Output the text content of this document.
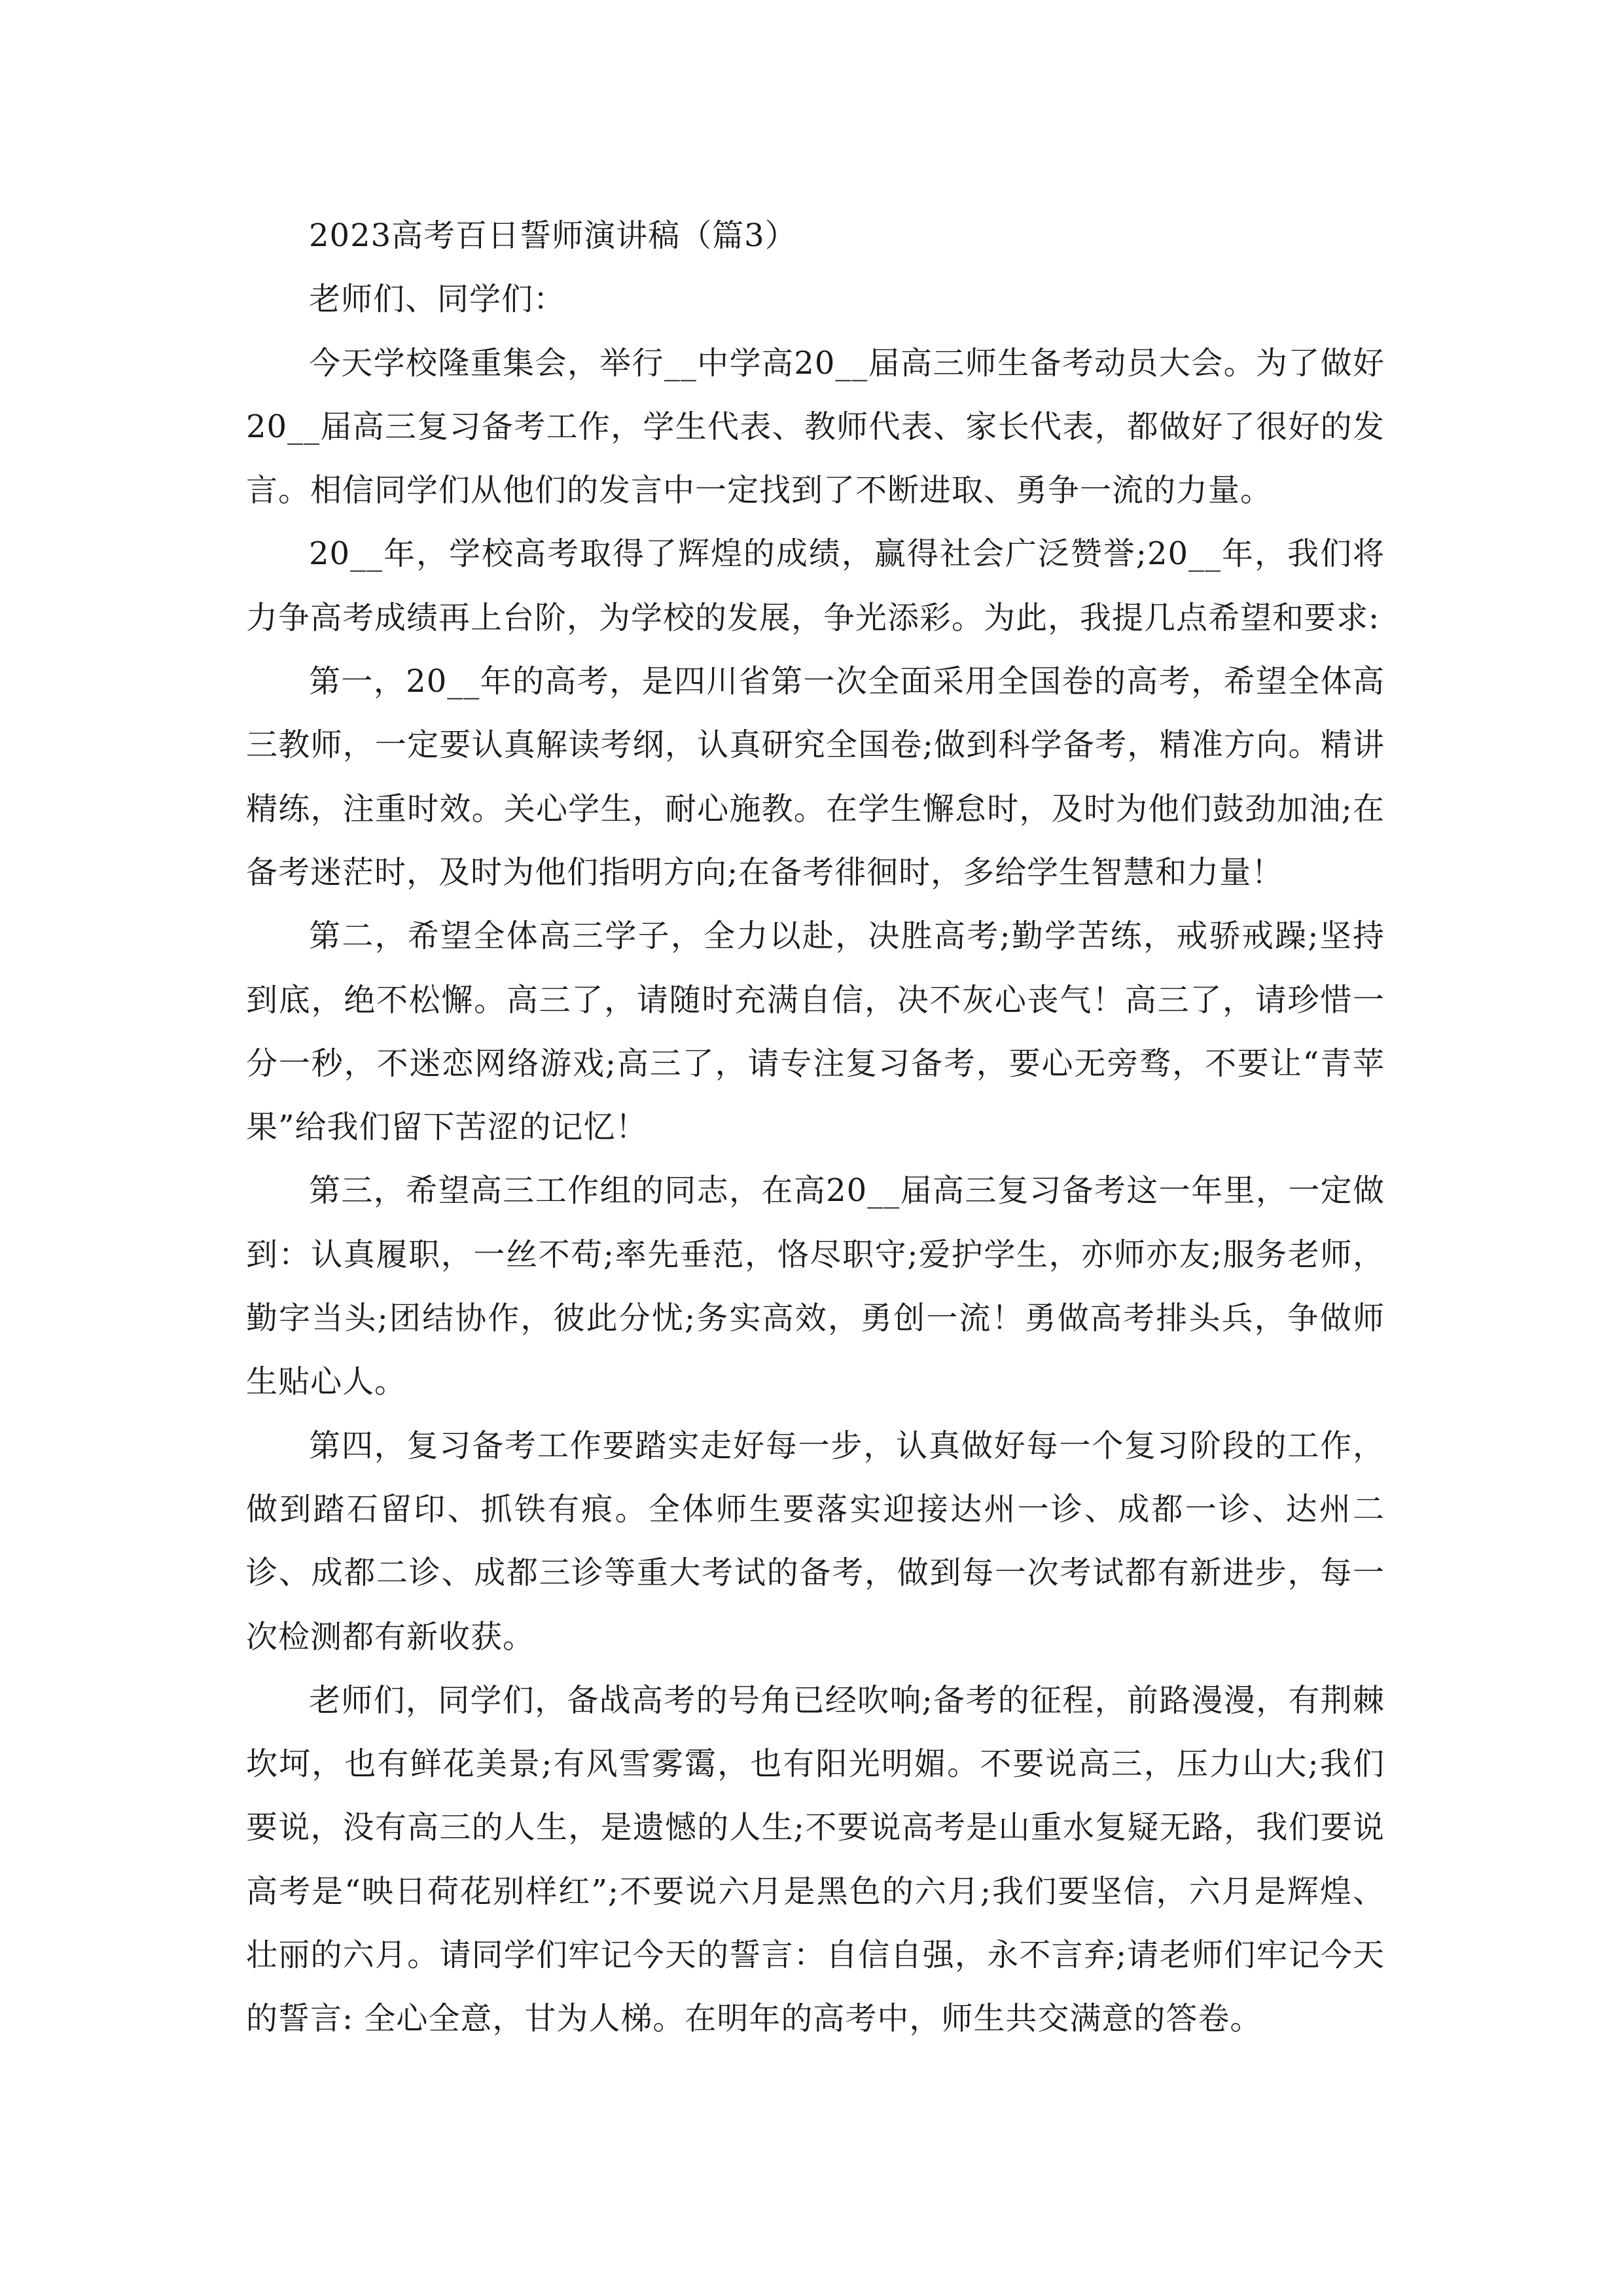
2023高考百日誓师演讲稿（篇3）

老师们、同学们：

今天学校隆重集会，举行__中学高20__届高三师生备考动员大会。为了做好20__届高三复习备考工作，学生代表、教师代表、家长代表，都做好了很好的发言。相信同学们从他们的发言中一定找到了不断进取、勇争一流的力量。

20__年，学校高考取得了辉煌的成绩，赢得社会广泛赞誉;20__年，我们将力争高考成绩再上台阶，为学校的发展，争光添彩。为此，我提几点希望和要求:

第一，20__年的高考，是四川省第一次全面采用全国卷的高考，希望全体高三教师，一定要认真解读考纲，认真研究全国卷;做到科学备考，精准方向。精讲精练，注重时效。关心学生，耐心施教。在学生懈怠时，及时为他们鼓劲加油;在备考迷茫时，及时为他们指明方向;在备考徘徊时，多给学生智慧和力量！

第二，希望全体高三学子，全力以赴，决胜高考;勤学苦练，戒骄戒躁;坚持到底，绝不松懈。高三了，请随时充满自信，决不灰心丧气！高三了，请珍惜一分一秒，不迷恋网络游戏;高三了，请专注复习备考，要心无旁骛，不要让“青苹果”给我们留下苦涩的记忆！

第三，希望高三工作组的同志，在高20__届高三复习备考这一年里，一定做到：认真履职，一丝不苟;率先垂范，恪尽职守;爱护学生，亦师亦友;服务老师，勤字当头;团结协作，彼此分忧;务实高效，勇创一流！勇做高考排头兵，争做师生贴心人。

第四，复习备考工作要踏实走好每一步，认真做好每一个复习阶段的工作，做到踏石留印、抓铁有痕。全体师生要落实迎接达州一诊、成都一诊、达州二诊、成都二诊、成都三诊等重大考试的备考，做到每一次考试都有新进步，每一次检测都有新收获。

老师们，同学们，备战高考的号角已经吹响;备考的征程，前路漫漫，有荆棘坎坷，也有鲜花美景;有风雪雾霭，也有阳光明媚。不要说高三，压力山大;我们要说，没有高三的人生，是遗憾的人生;不要说高考是山重水复疑无路，我们要说高考是“映日荷花别样红”;不要说六月是黑色的六月;我们要坚信，六月是辉煌、壮丽的六月。请同学们牢记今天的誓言：自信自强，永不言弃;请老师们牢记今天的誓言: 全心全意，甘为人梯。在明年的高考中，师生共交满意的答卷。
